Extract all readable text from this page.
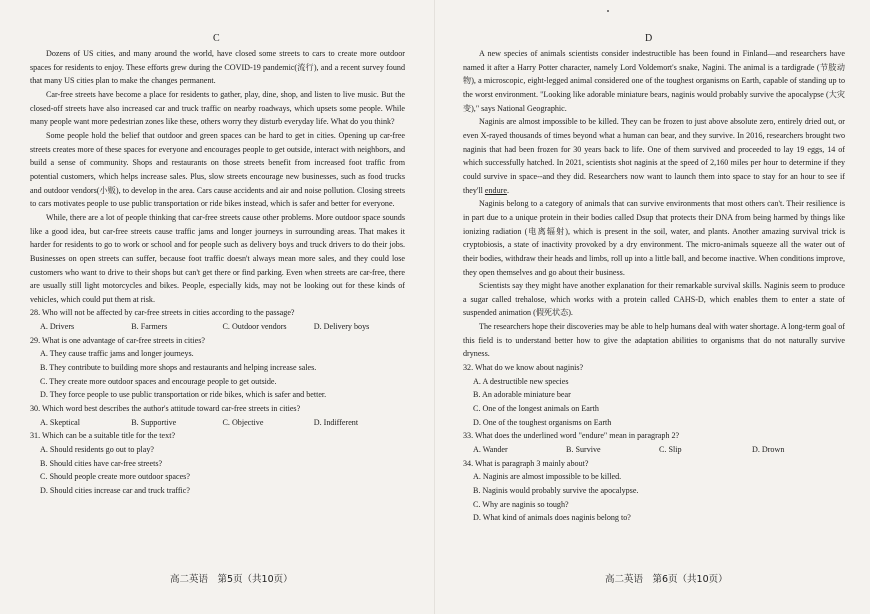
C

Dozens of US cities, and many around the world, have closed some streets to cars to create more outdoor spaces for residents to enjoy. These efforts grew during the COVID-19 pandemic(流行), and a recent survey found that many US cities plan to make the changes permanent.

Car-free streets have become a place for residents to gather, play, dine, shop, and listen to live music. But the closed-off streets have also increased car and truck traffic on nearby roadways, which upsets some people. While many people want more pedestrian zones like these, others worry they disturb everyday life. What do you think?

Some people hold the belief that outdoor and green spaces can be hard to get in cities. Opening up car-free streets creates more of these spaces for everyone and encourages people to get outside, interact with neighbors, and build a sense of community. Shops and restaurants on those streets benefit from increased foot traffic from potential customers, which helps increase sales. Plus, slow streets encourage new businesses, such as food trucks and outdoor vendors(小贩), to develop in the area. Cars cause accidents and air and noise pollution. Closing streets to cars motivates people to use public transportation or ride bikes instead, which is safer and better for everyone.

While, there are a lot of people thinking that car-free streets cause other problems. More outdoor space sounds like a good idea, but car-free streets cause traffic jams and longer journeys in surrounding areas. That makes it harder for residents to go to work or school and for people such as delivery boys and truck drivers to do their jobs. Businesses on open streets can suffer, because foot traffic doesn't always mean more sales, and they could lose customers who want to drive to their shops but can't get there or find parking. Even when streets are car-free, there are usually still light motorcycles and bikes. People, especially kids, may not be looking out for these kinds of vehicles, which could put them at risk.

28. Who will not be affected by car-free streets in cities according to the passage?

A. Drivers	B. Farmers	C. Outdoor vendors	D. Delivery boys

29. What is one advantage of car-free streets in cities?

A. They cause traffic jams and longer journeys.

B. They contribute to building more shops and restaurants and helping increase sales.

C. They create more outdoor spaces and encourage people to get outside.

D. They force people to use public transportation or ride bikes, which is safer and better.

30. Which word best describes the author's attitude toward car-free streets in cities?

A. Skeptical	B. Supportive	C. Objective	D. Indifferent

31. Which can be a suitable title for the text?

A. Should residents go out to play?

B. Should cities have car-free streets?

C. Should people create more outdoor spaces?

D. Should cities increase car and truck traffic?

高二英语　第5页（共10页）
D

A new species of animals scientists consider indestructible has been found in Finland—and researchers have named it after a Harry Potter character, namely Lord Voldemort's snake, Nagini. The animal is a tardigrade (节肢动物), a microscopic, eight-legged animal considered one of the toughest organisms on Earth, capable of standing up to the worst environment. "Looking like adorable miniature bears, naginis would probably survive the apocalypse (大灾变)," says National Geographic.

Naginis are almost impossible to be killed. They can be frozen to just above absolute zero, entirely dried out, or even X-rayed thousands of times beyond what a human can bear, and they survive. In 2016, researchers brought two naginis that had been frozen for 30 years back to life. One of them survived and proceeded to lay 19 eggs, 14 of which successfully hatched. In 2021, scientists shot naginis at the speed of 2,160 miles per hour to determine if they could survive in space--and they did. Researchers now want to launch them into space to stay for an hour to see if they'll endure.

Naginis belong to a category of animals that can survive environments that most others can't. Their resilience is in part due to a unique protein in their bodies called Dsup that protects their DNA from being harmed by things like ionizing radiation (电离辐射), which is present in the soil, water, and plants. Another amazing survival trick is cryptobiosis, a state of inactivity provoked by a dry environment. The micro-animals squeeze all the water out of their bodies, withdraw their heads and limbs, roll up into a little ball, and become inactive. When conditions improve, they open themselves and go about their business.

Scientists say they might have another explanation for their remarkable survival skills. Naginis seem to produce a sugar called trehalose, which works with a protein called CAHS-D, which enables them to enter a state of suspended animation (假死状态).

The researchers hope their discoveries may be able to help humans deal with water shortage. A long-term goal of this field is to understand better how to give the adaptation abilities to organisms that do not naturally survive dryness.

32. What do we know about naginis?

A. A destructible new species

B. An adorable miniature bear

C. One of the longest animals on Earth

D. One of the toughest organisms on Earth

33. What does the underlined word "endure" mean in paragraph 2?

A. Wander	B. Survive	C. Slip	D. Drown

34. What is paragraph 3 mainly about?

A. Naginis are almost impossible to be killed.

B. Naginis would probably survive the apocalypse.

C. Why are naginis so tough?

D. What kind of animals does naginis belong to?

高二英语　第6页（共10页）
